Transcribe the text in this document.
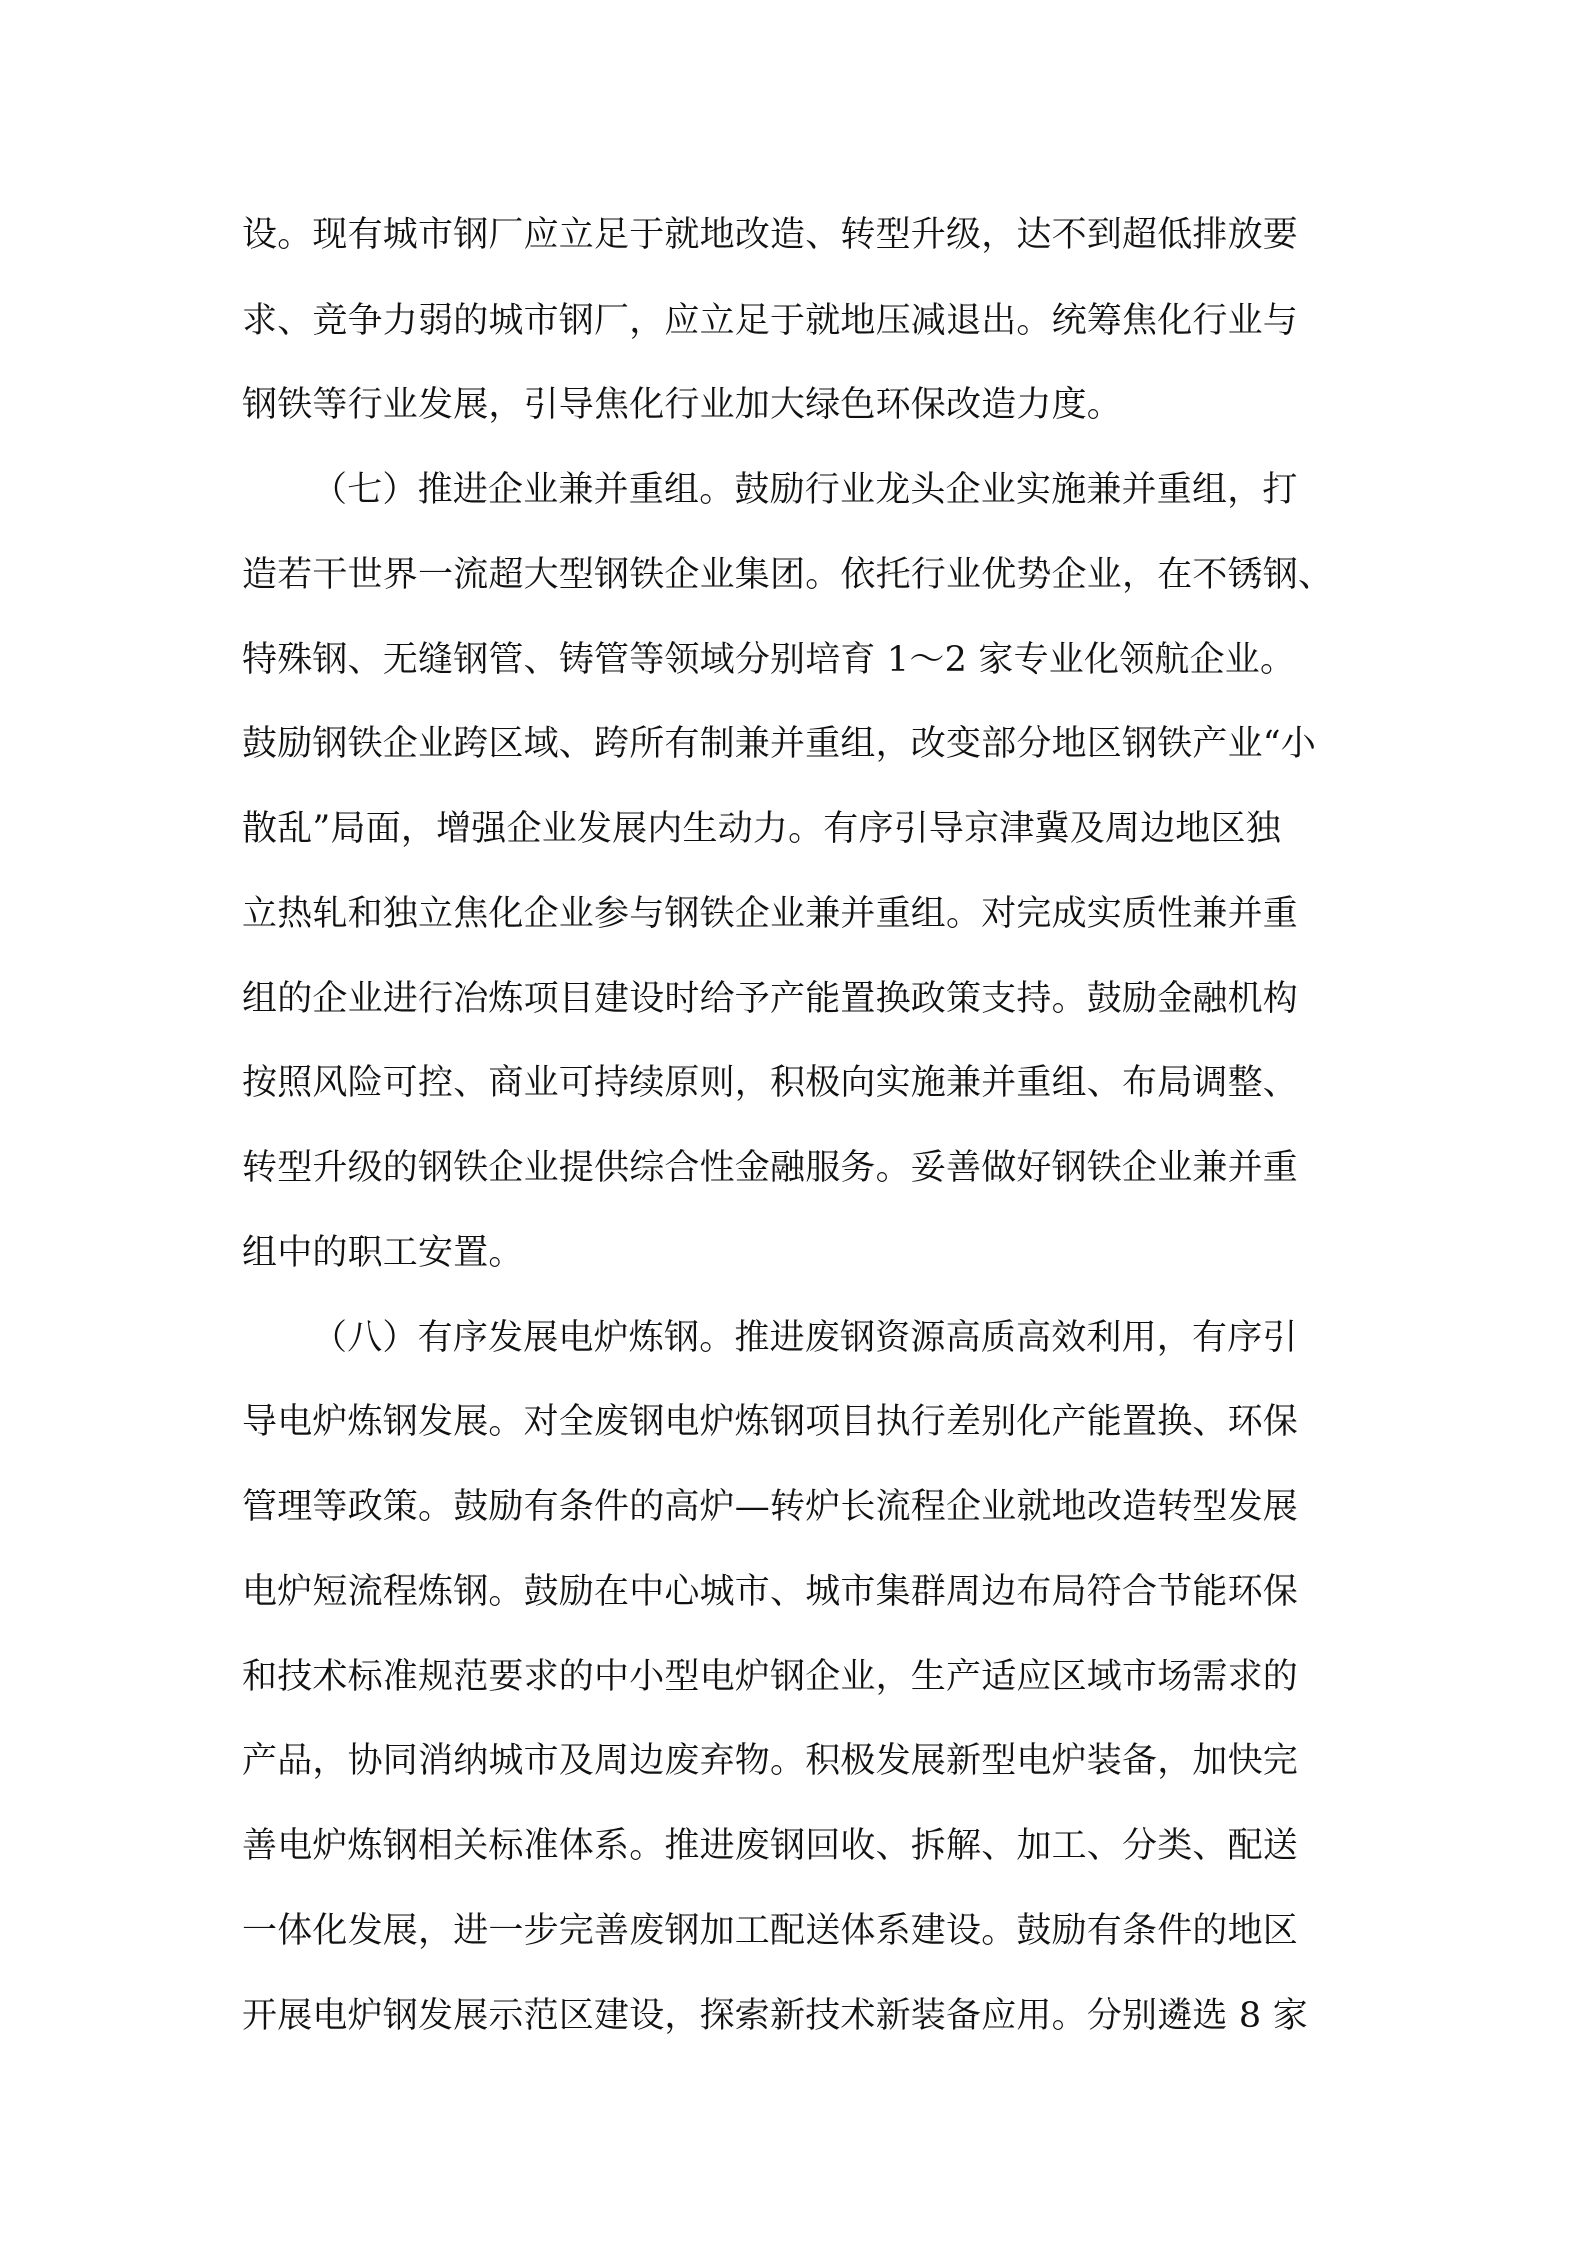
设。现有城市钢厂应立足于就地改造、转型升级，达不到超低排放要
求、竞争力弱的城市钢厂，应立足于就地压减退出。统筹焦化行业与
钢铁等行业发展，引导焦化行业加大绿色环保改造力度。
（七）推进企业兼并重组。鼓励行业龙头企业实施兼并重组，打
造若干世界一流超大型钢铁企业集团。依托行业优势企业，在不锈钢、
特殊钢、无缝钢管、铸管等领域分别培育 1～2 家专业化领航企业。
鼓励钢铁企业跨区域、跨所有制兼并重组，改变部分地区钢铁产业“小
散乱”局面，增强企业发展内生动力。有序引导京津冀及周边地区独
立热轧和独立焦化企业参与钢铁企业兼并重组。对完成实质性兼并重
组的企业进行冶炼项目建设时给予产能置换政策支持。鼓励金融机构
按照风险可控、商业可持续原则，积极向实施兼并重组、布局调整、
转型升级的钢铁企业提供综合性金融服务。妥善做好钢铁企业兼并重
组中的职工安置。
（八）有序发展电炉炼钢。推进废钢资源高质高效利用，有序引
导电炉炼钢发展。对全废钢电炉炼钢项目执行差别化产能置换、环保
管理等政策。鼓励有条件的高炉—转炉长流程企业就地改造转型发展
电炉短流程炼钢。鼓励在中心城市、城市集群周边布局符合节能环保
和技术标准规范要求的中小型电炉钢企业，生产适应区域市场需求的
产品，协同消纳城市及周边废弃物。积极发展新型电炉装备，加快完
善电炉炼钢相关标准体系。推进废钢回收、拆解、加工、分类、配送
一体化发展，进一步完善废钢加工配送体系建设。鼓励有条件的地区
开展电炉钢发展示范区建设，探索新技术新装备应用。分别遴选 8 家
